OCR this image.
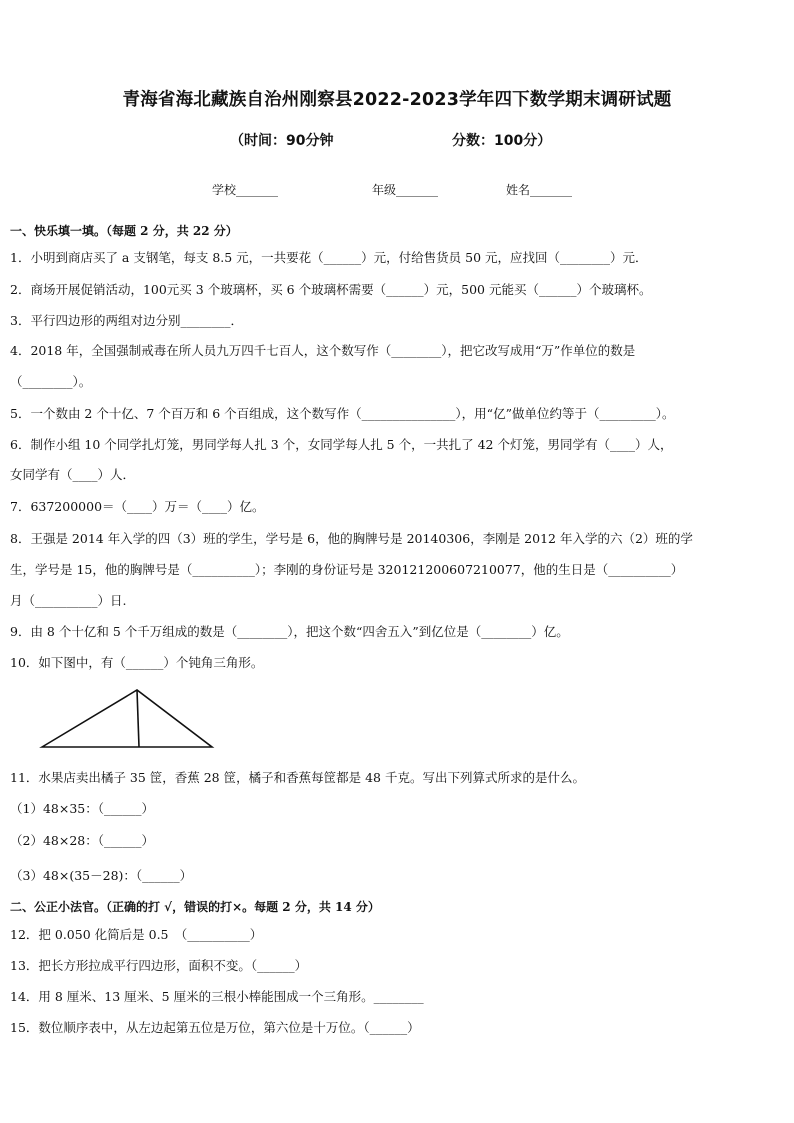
青海省海北藏族自治州刚察县2022-2023学年四下数学期末调研试题
（时间：90分钟	分数：100分）
学校_______	年级_______	姓名_______
一、快乐填一填。（每题 2 分，共 22 分）
1．小明到商店买了 a 支钢笔，每支 8.5 元，一共要花（______）元，付给售货员 50 元，应找回（________）元．
2．商场开展促销活动，100元买 3 个玻璃杯，买 6 个玻璃杯需要（______）元，500 元能买（______）个玻璃杯。
3．平行四边形的两组对边分别________．
4．2018 年，全国强制戒毒在所人员九万四千七百人，这个数写作（________），把它改写成用“万”作单位的数是
（________）。
5．一个数由 2 个十亿、7 个百万和 6 个百组成，这个数写作（_______________），用“亿”做单位约等于（_________）。
6．制作小组 10 个同学扎灯笼，男同学每人扎 3 个，女同学每人扎 5 个，一共扎了 42 个灯笼，男同学有（____）人，
女同学有（____）人．
7．637200000＝（____）万＝（____）亿。
8．王强是 2014 年入学的四（3）班的学生，学号是 6，他的胸牌号是 20140306，李刚是 2012 年入学的六（2）班的学
生，学号是 15，他的胸牌号是（__________）；李刚的身份证号是 320121200607210077，他的生日是（__________）
月（__________）日.
9．由 8 个十亿和 5 个千万组成的数是（________），把这个数“四舍五入”到亿位是（________）亿。
10．如下图中，有（______）个钝角三角形。
11．水果店卖出橘子 35 筐，香蕉 28 筐，橘子和香蕉每筐都是 48 千克。写出下列算式所求的是什么。
（1）48×35：（______）
（2）48×28：（______）
（3）48×(35－28)：（______）
二、公正小法官。（正确的打 √，错误的打×。每题 2 分，共 14 分）
12．把 0.050 化简后是 0.5　（__________）
13．把长方形拉成平行四边形，面积不变。（______）
14．用 8 厘米、13 厘米、5 厘米的三根小棒能围成一个三角形。________
15．数位顺序表中，从左边起第五位是万位，第六位是十万位。（______）
